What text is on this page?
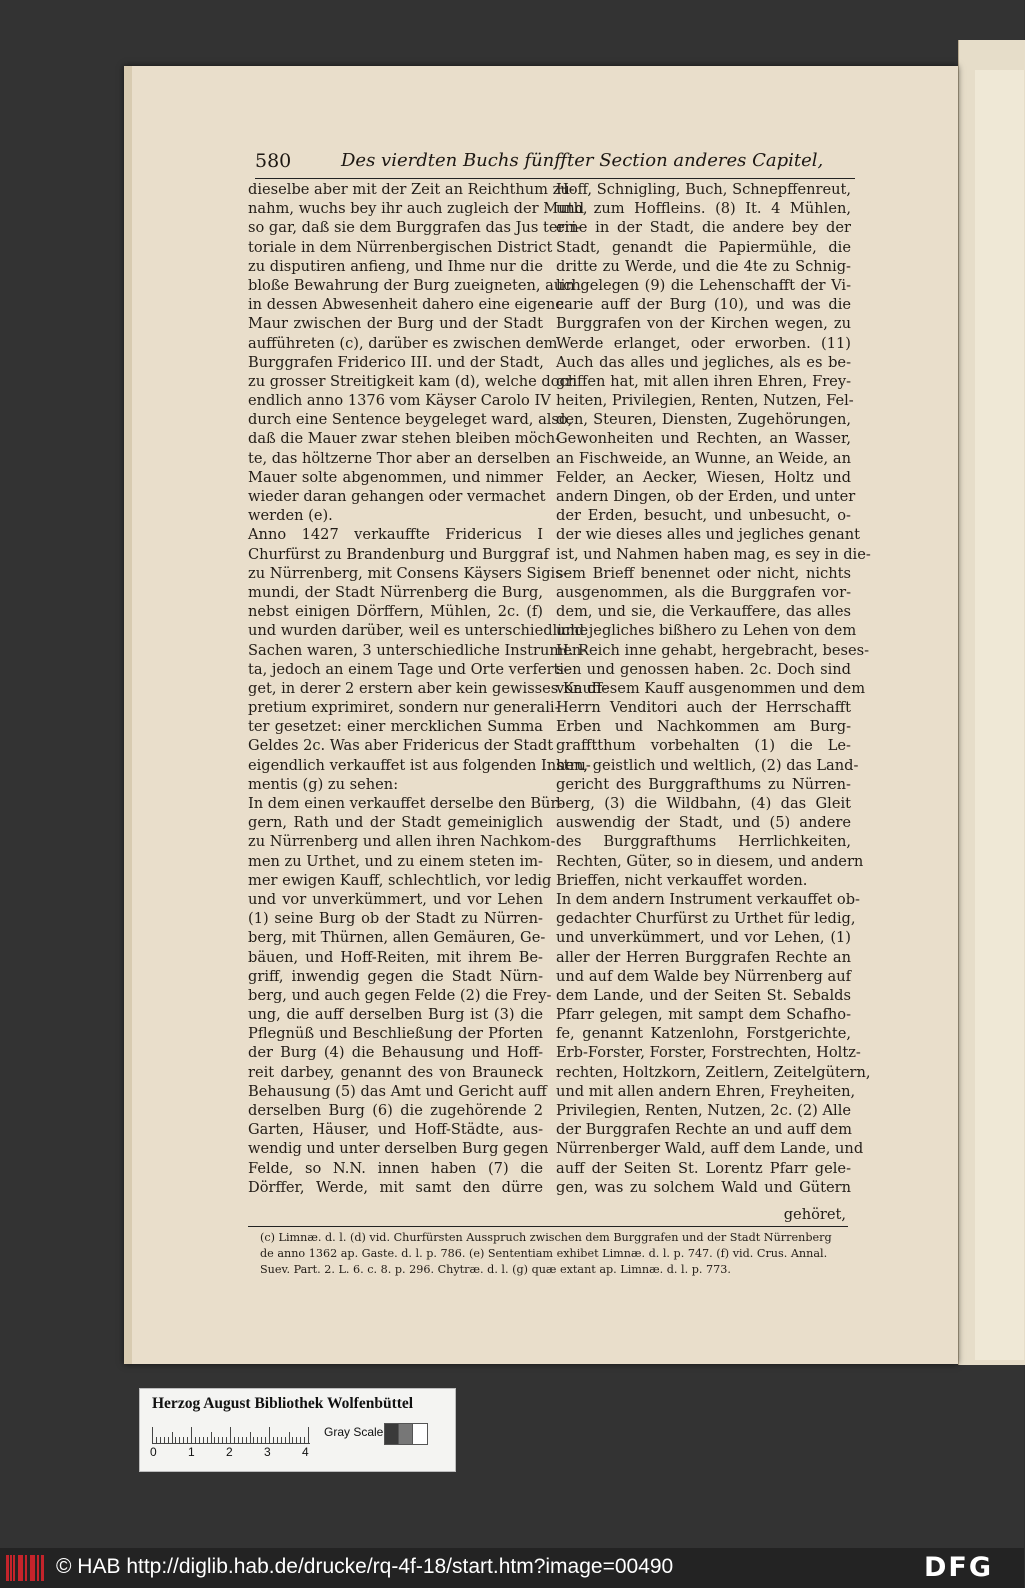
580	Des vierdten Buchs fünffter Section anderes Capitel,
dieselbe aber mit der Zeit an Reichthum zu-
nahm, wuchs bey ihr auch zugleich der Muth,
so gar, daß sie dem Burggrafen das Jus terri-
toriale in dem Nürrenbergischen District
zu disputiren anfieng, und Ihme nur die
bloße Bewahrung der Burg zueigneten, auch
in dessen Abwesenheit dahero eine eigene
Maur zwischen der Burg und der Stadt
aufführeten (c), darüber es zwischen dem
Burggrafen Friderico III. und der Stadt,
zu grosser Streitigkeit kam (d), welche doch
endlich anno 1376 vom Käyser Carolo IV
durch eine Sentence beygeleget ward, also,
daß die Mauer zwar stehen bleiben möch-
te, das höltzerne Thor aber an derselben
Mauer solte abgenommen, und nimmer
wieder daran gehangen oder vermachet
werden (e).
Anno 1427 verkauffte Fridericus I
Churfürst zu Brandenburg und Burggraf
zu Nürrenberg, mit Consens Käysers Sigis-
mundi, der Stadt Nürrenberg die Burg,
nebst einigen Dörffern, Mühlen, 2c. (f)
und wurden darüber, weil es unterschiedliche
Sachen waren, 3 unterschiedliche Instrumen-
ta, jedoch an einem Tage und Orte verferti-
get, in derer 2 erstern aber kein gewisses Kauff-
pretium exprimiret, sondern nur generali-
ter gesetzet: einer mercklichen Summa
Geldes 2c. Was aber Fridericus der Stadt
eigendlich verkauffet ist aus folgenden Instru-
mentis (g) zu sehen:
In dem einen verkauffet derselbe den Bür-
gern, Rath und der Stadt gemeiniglich
zu Nürrenberg und allen ihren Nachkom-
men zu Urthet, und zu einem steten im-
mer ewigen Kauff, schlechtlich, vor ledig
und vor unverkümmert, und vor Lehen
(1) seine Burg ob der Stadt zu Nürren-
berg, mit Thürnen, allen Gemäuren, Ge-
bäuen, und Hoff-Reiten, mit ihrem Be-
griff, inwendig gegen die Stadt Nürn-
berg, und auch gegen Felde (2) die Frey-
ung, die auff derselben Burg ist (3) die
Pflegnüß und Beschließung der Pforten
der Burg (4) die Behausung und Hoff-
reit darbey, genannt des von Brauneck
Behausung (5) das Amt und Gericht auff
derselben Burg (6) die zugehörende 2
Garten, Häuser, und Hoff-Städte, aus-
wendig und unter derselben Burg gegen
Felde, so N.N. innen haben (7) die
Dörffer, Werde, mit samt den dürre
Hoff, Schnigling, Buch, Schnepffenreut,
und zum Hoffleins. (8) It. 4 Mühlen,
eine in der Stadt, die andere bey der
Stadt, genandt die Papiermühle, die
dritte zu Werde, und die 4te zu Schnig-
lin gelegen (9) die Lehenschafft der Vi-
carie auff der Burg (10), und was die
Burggrafen von der Kirchen wegen, zu
Werde erlanget, oder erworben. (11)
Auch das alles und jegliches, als es be-
griffen hat, mit allen ihren Ehren, Frey-
heiten, Privilegien, Renten, Nutzen, Fel-
den, Steuren, Diensten, Zugehörungen,
Gewonheiten und Rechten, an Wasser,
an Fischweide, an Wunne, an Weide, an
Felder, an Aecker, Wiesen, Holtz und
andern Dingen, ob der Erden, und unter
der Erden, besucht, und unbesucht, o-
der wie dieses alles und jegliches genant
ist, und Nahmen haben mag, es sey in die-
sem Brieff benennet oder nicht, nichts
ausgenommen, als die Burggrafen vor-
dem, und sie, die Verkauffere, das alles
und jegliches bißhero zu Lehen von dem
H. Reich inne gehabt, hergebracht, beses-
sen und genossen haben. 2c. Doch sind
von diesem Kauff ausgenommen und dem
Herrn Venditori auch der Herrschafft
Erben und Nachkommen am Burg-
grafftthum vorbehalten (1) die Le-
hen, geistlich und weltlich, (2) das Land-
gericht des Burggrafthums zu Nürren-
berg, (3) die Wildbahn, (4) das Gleit
auswendig der Stadt, und (5) andere
des Burggrafthums Herrlichkeiten,
Rechten, Güter, so in diesem, und andern
Brieffen, nicht verkauffet worden.
In dem andern Instrument verkauffet ob-
gedachter Churfürst zu Urthet für ledig,
und unverkümmert, und vor Lehen, (1)
aller der Herren Burggrafen Rechte an
und auf dem Walde bey Nürrenberg auf
dem Lande, und der Seiten St. Sebalds
Pfarr gelegen, mit sampt dem Schafho-
fe, genannt Katzenlohn, Forstgerichte,
Erb-Forster, Forster, Forstrechten, Holtz-
rechten, Holtzkorn, Zeitlern, Zeitelgütern,
und mit allen andern Ehren, Freyheiten,
Privilegien, Renten, Nutzen, 2c. (2) Alle
der Burggrafen Rechte an und auff dem
Nürrenberger Wald, auff dem Lande, und
auff der Seiten St. Lorentz Pfarr gele-
gen, was zu solchem Wald und Gütern
gehöret,
(c) Limnæ. d. l. (d) vid. Churfürsten Ausspruch zwischen dem Burggrafen und der Stadt Nürrenberg
de anno 1362 ap. Gaste. d. l. p. 786. (e) Sententiam exhibet Limnæ. d. l. p. 747. (f) vid. Crus. Annal.
Suev. Part. 2. L. 6. c. 8. p. 296. Chytræ. d. l. (g) quæ extant ap. Limnæ. d. l. p. 773.
Herzog August Bibliothek Wolfenbüttel
0	1	2	3	4
Gray Scale
© HAB http://diglib.hab.de/drucke/rq-4f-18/start.htm?image=00490	DFG
